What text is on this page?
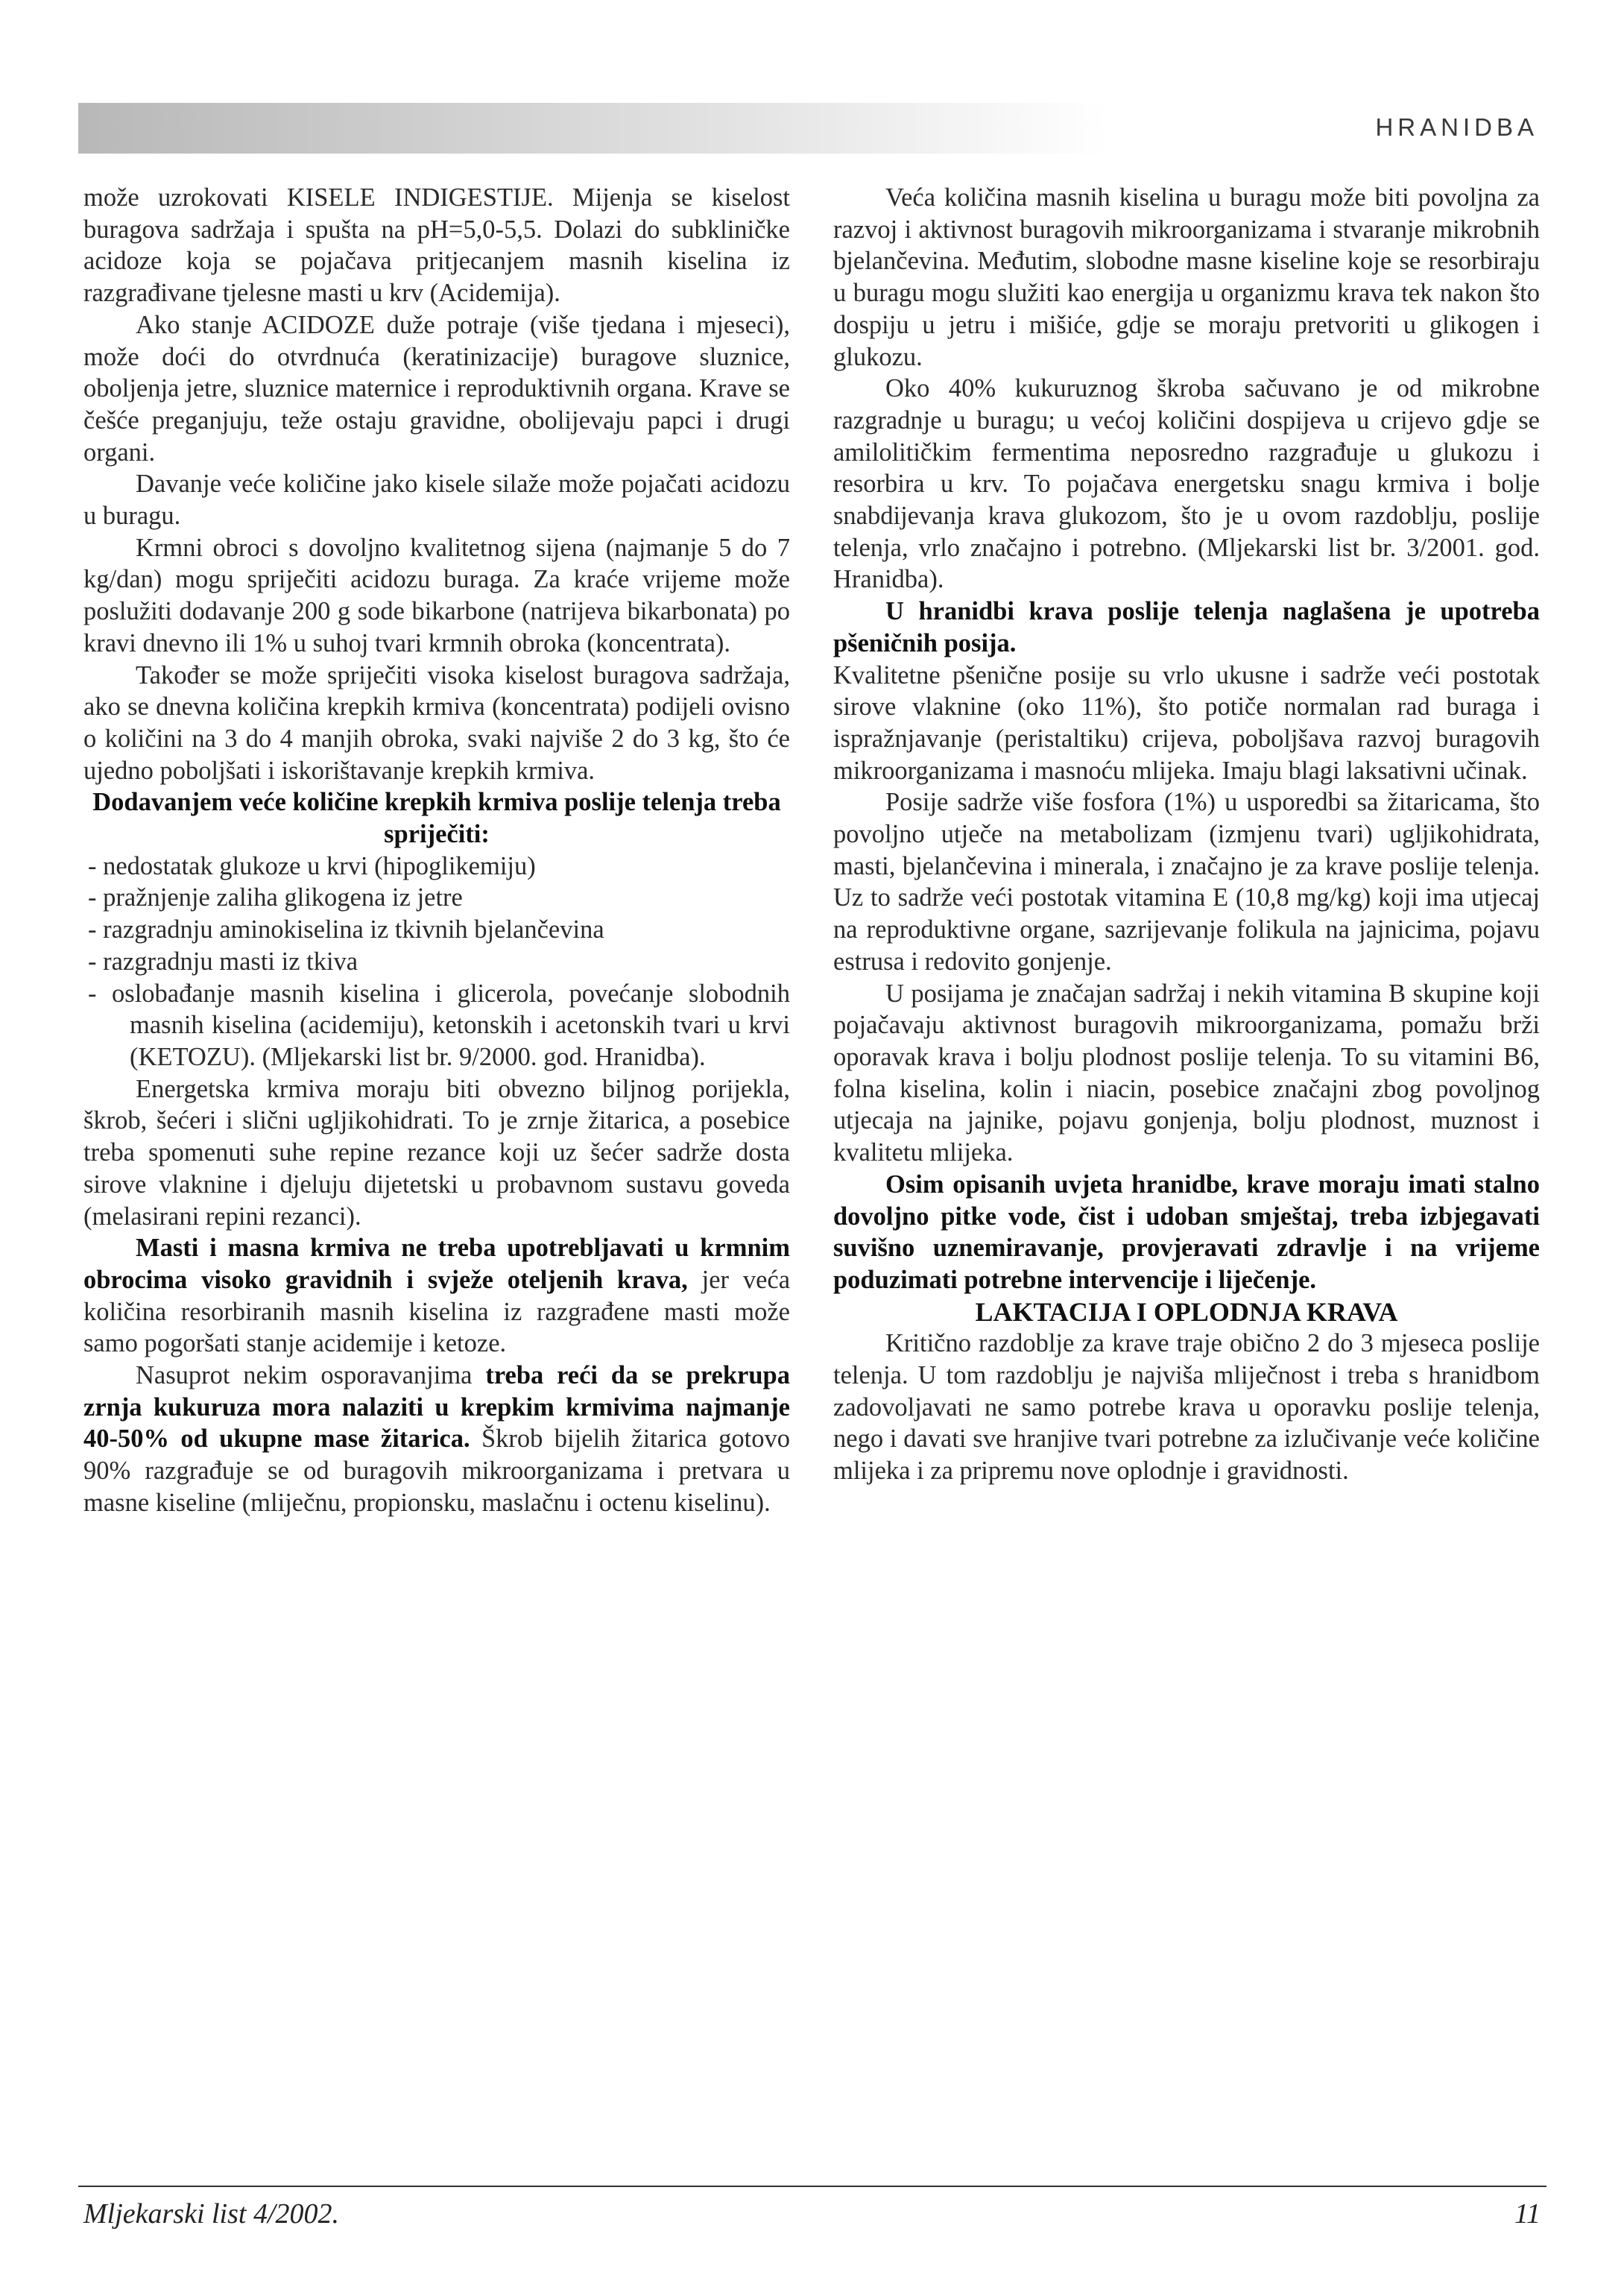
HRANIDBA

može uzrokovati KISELE INDIGESTIJE. Mijenja se kiselost buragova sadržaja i spušta na pH=5,0-5,5. Dolazi do subkliničke acidoze koja se pojačava pritjecanjem masnih kiselina iz razgrađivane tjelesne masti u krv (Acidemija).

Ako stanje ACIDOZE duže potraje (više tjedana i mjeseci), može doći do otvrdnuća (keratinizacije) buragove sluznice, oboljenja jetre, sluznice maternice i reproduktivnih organa. Krave se češće preganjuju, teže ostaju gravidne, obolijevaju papci i drugi organi.

Davanje veće količine jako kisele silaže može pojačati acidozu u buragu.

Krmni obroci s dovoljno kvalitetnog sijena (najmanje 5 do 7 kg/dan) mogu spriječiti acidozu buraga. Za kraće vrijeme može poslužiti dodavanje 200 g sode bikarbone (natrijeva bikarbonata) po kravi dnevno ili 1% u suhoj tvari krmnih obroka (koncentrata).

Također se može spriječiti visoka kiselost buragova sadržaja, ako se dnevna količina krepkih krmiva (koncentrata) podijeli ovisno o količini na 3 do 4 manjih obroka, svaki najviše 2 do 3 kg, što će ujedno poboljšati i iskorištavanje krepkih krmiva.

Dodavanjem veće količine krepkih krmiva poslije telenja treba spriječiti:

- nedostatak glukoze u krvi (hipoglikemiju)
- pražnjenje zaliha glikogena iz jetre
- razgradnju aminokiselina iz tkivnih bjelančevina
- razgradnju masti iz tkiva
- oslobađanje masnih kiselina i glicerola, povećanje slobodnih masnih kiselina (acidemiju), ketonskih i acetonskih tvari u krvi (KETOZU). (Mljekarski list br. 9/2000. god. Hranidba).

Energetska krmiva moraju biti obvezno biljnog porijekla, škrob, šećeri i slični ugljikohidrati. To je zrnje žitarica, a posebice treba spomenuti suhe repine rezance koji uz šećer sadrže dosta sirove vlaknine i djeluju dijetetski u probavnom sustavu goveda (melasirani repini rezanci).

Masti i masna krmiva ne treba upotrebljavati u krmnim obrocima visoko gravidnih i svježe oteljenih krava, jer veća količina resorbiranih masnih kiselina iz razgrađene masti može samo pogoršati stanje acidemije i ketoze.

Nasuprot nekim osporavanjima treba reći da se prekrupa zrnja kukuruza mora nalaziti u krepkim krmivima najmanje 40-50% od ukupne mase žitarica. Škrob bijelih žitarica gotovo 90% razgrađuje se od buragovih mikroorganizama i pretvara u masne kiseline (mliječnu, propionsku, maslačnu i octenu kiselinu).

Veća količina masnih kiselina u buragu može biti povoljna za razvoj i aktivnost buragovih mikroorganizama i stvaranje mikrobnih bjelančevina. Međutim, slobodne masne kiseline koje se resorbiraju u buragu mogu služiti kao energija u organizmu krava tek nakon što dospiju u jetru i mišiće, gdje se moraju pretvoriti u glikogen i glukozu.

Oko 40% kukuruznog škroba sačuvano je od mikrobne razgradnje u buragu; u većoj količini dospijeva u crijevo gdje se amilolitičkim fermentima neposredno razgrađuje u glukozu i resorbira u krv. To pojačava energetsku snagu krmiva i bolje snabdijevanja krava glukozom, što je u ovom razdoblju, poslije telenja, vrlo značajno i potrebno. (Mljekarski list br. 3/2001. god. Hranidba).

U hranidbi krava poslije telenja naglašena je upotreba pšeničnih posija.

Kvalitetne pšenične posije su vrlo ukusne i sadrže veći postotak sirove vlaknine (oko 11%), što potiče normalan rad buraga i ispražnjavanje (peristaltiku) crijeva, poboljšava razvoj buragovih mikroorganizama i masnoću mlijeka. Imaju blagi laksativni učinak.

Posije sadrže više fosfora (1%) u usporedbi sa žitaricama, što povoljno utječe na metabolizam (izmjenu tvari) ugljikohidrata, masti, bjelančevina i minerala, i značajno je za krave poslije telenja. Uz to sadrže veći postotak vitamina E (10,8 mg/kg) koji ima utjecaj na reproduktivne organe, sazrijevanje folikula na jajnicima, pojavu estrusa i redovito gonjenje.

U posijama je značajan sadržaj i nekih vitamina B skupine koji pojačavaju aktivnost buragovih mikroorganizama, pomažu brži oporavak krava i bolju plodnost poslije telenja. To su vitamini B6, folna kiselina, kolin i niacin, posebice značajni zbog povoljnog utjecaja na jajnike, pojavu gonjenja, bolju plodnost, muznost i kvalitetu mlijeka.

Osim opisanih uvjeta hranidbe, krave moraju imati stalno dovoljno pitke vode, čist i udoban smještaj, treba izbjegavati suvišno uznemiravanje, provjeravati zdravlje i na vrijeme poduzimati potrebne intervencije i liječenje.

LAKTACIJA I OPLODNJA KRAVA

Kritično razdoblje za krave traje obično 2 do 3 mjeseca poslije telenja. U tom razdoblju je najviša mliječnost i treba s hranidbom zadovoljavati ne samo potrebe krava u oporavku poslije telenja, nego i davati sve hranjive tvari potrebne za izlučivanje veće količine mlijeka i za pripremu nove oplodnje i gravidnosti.

Mljekarski list 4/2002.	11
